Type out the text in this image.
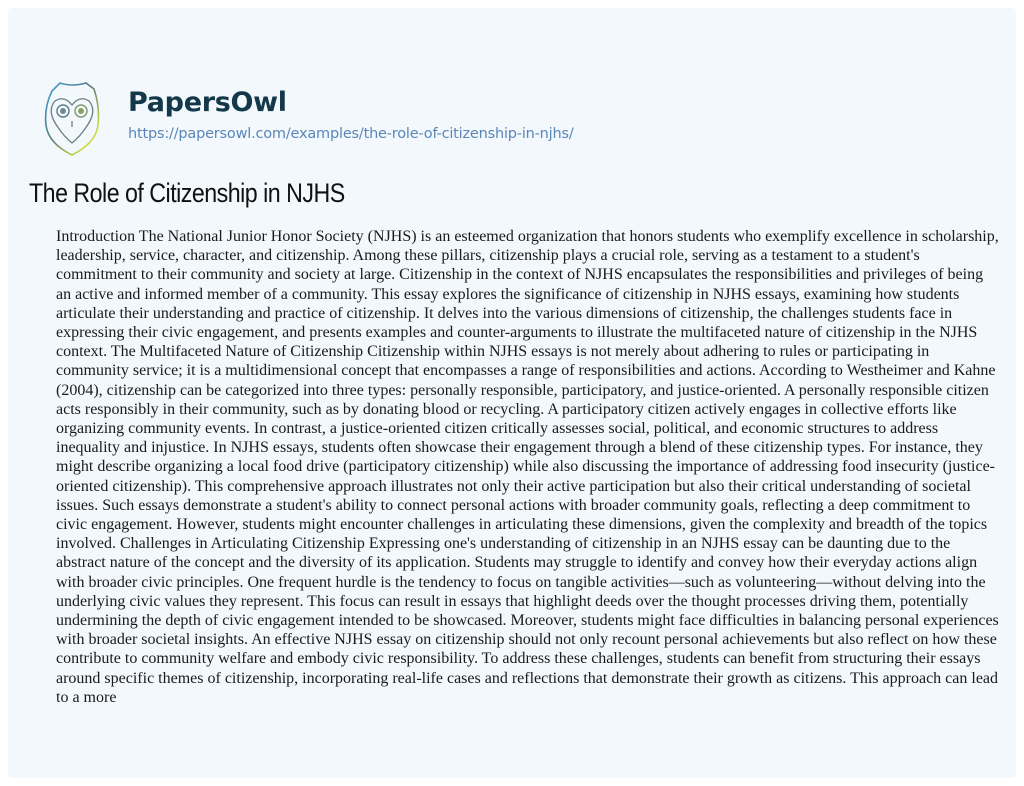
PapersOwl
https://papersowl.com/examples/the-role-of-citizenship-in-njhs/
The Role of Citizenship in NJHS

Introduction The National Junior Honor Society (NJHS) is an esteemed organization that honors students who exemplify excellence in scholarship, leadership, service, character, and citizenship. Among these pillars, citizenship plays a crucial role, serving as a testament to a student's commitment to their community and society at large. Citizenship in the context of NJHS encapsulates the responsibilities and privileges of being an active and informed member of a community. This essay explores the significance of citizenship in NJHS essays, examining how students articulate their understanding and practice of citizenship. It delves into the various dimensions of citizenship, the challenges students face in expressing their civic engagement, and presents examples and counter-arguments to illustrate the multifaceted nature of citizenship in the NJHS context. The Multifaceted Nature of Citizenship Citizenship within NJHS essays is not merely about adhering to rules or participating in community service; it is a multidimensional concept that encompasses a range of responsibilities and actions. According to Westheimer and Kahne (2004), citizenship can be categorized into three types: personally responsible, participatory, and justice-oriented. A personally responsible citizen acts responsibly in their community, such as by donating blood or recycling. A participatory citizen actively engages in collective efforts like organizing community events. In contrast, a justice-oriented citizen critically assesses social, political, and economic structures to address inequality and injustice. In NJHS essays, students often showcase their engagement through a blend of these citizenship types. For instance, they might describe organizing a local food drive (participatory citizenship) while also discussing the importance of addressing food insecurity (justice-oriented citizenship). This comprehensive approach illustrates not only their active participation but also their critical understanding of societal issues. Such essays demonstrate a student's ability to connect personal actions with broader community goals, reflecting a deep commitment to civic engagement. However, students might encounter challenges in articulating these dimensions, given the complexity and breadth of the topics involved. Challenges in Articulating Citizenship Expressing one's understanding of citizenship in an NJHS essay can be daunting due to the abstract nature of the concept and the diversity of its application. Students may struggle to identify and convey how their everyday actions align with broader civic principles. One frequent hurdle is the tendency to focus on tangible activities—such as volunteering—without delving into the underlying civic values they represent. This focus can result in essays that highlight deeds over the thought processes driving them, potentially undermining the depth of civic engagement intended to be showcased. Moreover, students might face difficulties in balancing personal experiences with broader societal insights. An effective NJHS essay on citizenship should not only recount personal achievements but also reflect on how these contribute to community welfare and embody civic responsibility. To address these challenges, students can benefit from structuring their essays around specific themes of citizenship, incorporating real-life cases and reflections that demonstrate their growth as citizens. This approach can lead to a more
